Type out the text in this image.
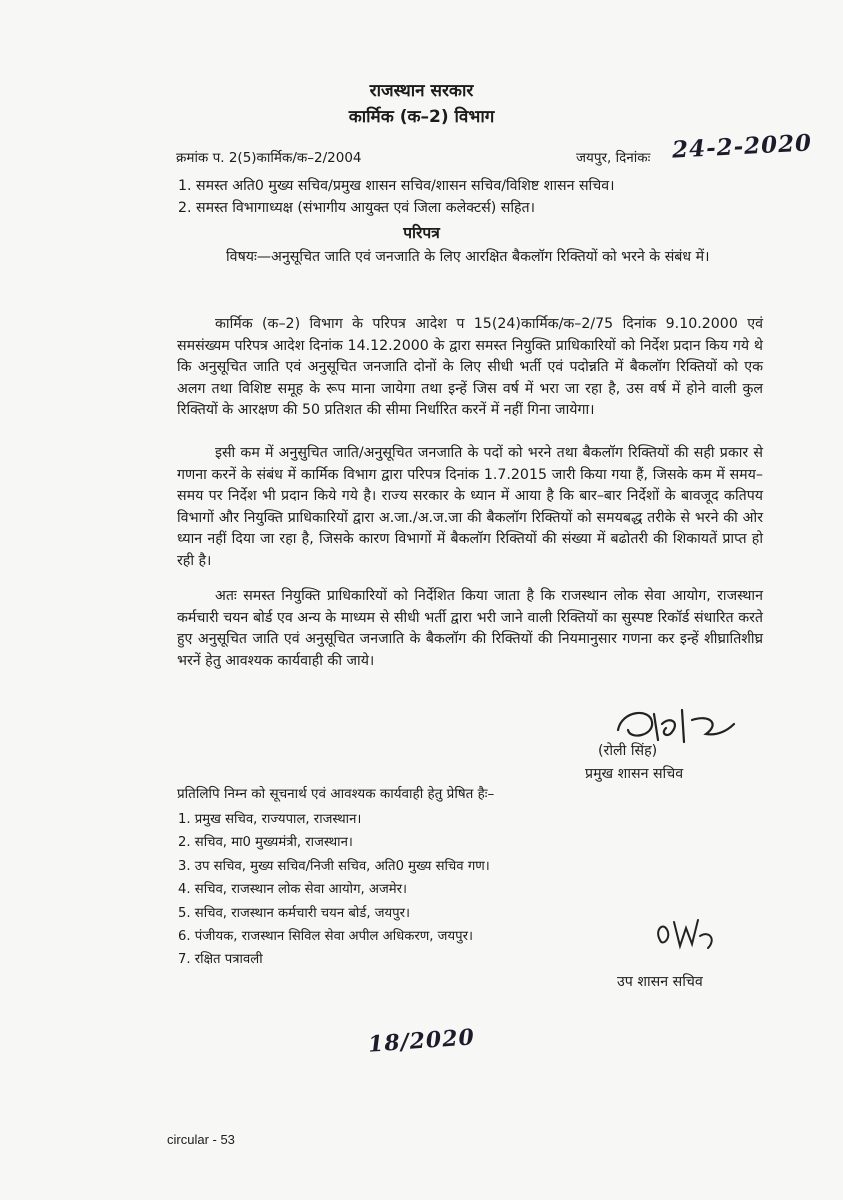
राजस्थान सरकार
कार्मिक (क–2) विभाग
क्रमांक प. 2(5)कार्मिक/क–2/2004	जयपुर, दिनांकः 24-2-2020
1. समस्त अति0 मुख्य सचिव/प्रमुख शासन सचिव/शासन सचिव/विशिष्ट शासन सचिव।
2. समस्त विभागाध्यक्ष (संभागीय आयुक्त एवं जिला कलेक्टर्स) सहित।
परिपत्र
विषयः—अनुसूचित जाति एवं जनजाति के लिए आरक्षित बैकलॉग रिक्तियों को भरने के संबंध में।
कार्मिक (क–2) विभाग के परिपत्र आदेश प 15(24)कार्मिक/क–2/75 दिनांक 9.10.2000 एवं समसंख्यम परिपत्र आदेश दिनांक 14.12.2000 के द्वारा समस्त नियुक्ति प्राधिकारियों को निर्देश प्रदान किय गये थे कि अनुसूचित जाति एवं अनुसूचित जनजाति दोनों के लिए सीधी भर्ती एवं पदोन्नति में बैकलॉग रिक्तियों को एक अलग तथा विशिष्ट समूह के रूप माना जायेगा तथा इन्हें जिस वर्ष में भरा जा रहा है, उस वर्ष में होने वाली कुल रिक्तियों के आरक्षण की 50 प्रतिशत की सीमा निर्धारित करनें में नहीं गिना जायेगा।
इसी कम में अनुसुचित जाति/अनुसूचित जनजाति के पदों को भरने तथा बैकलॉग रिक्तियों की सही प्रकार से गणना करनें के संबंध में कार्मिक विभाग द्वारा परिपत्र दिनांक 1.7.2015 जारी किया गया हैं, जिसके कम में समय–समय पर निर्देश भी प्रदान किये गये है। राज्य सरकार के ध्यान में आया है कि बार–बार निर्देशों के बावजूद कतिपय विभागों और नियुक्ति प्राधिकारियों द्वारा अ.जा./अ.ज.जा की बैकलॉग रिक्तियों को समयबद्ध तरीके से भरने की ओर ध्यान नहीं दिया जा रहा है, जिसके कारण विभागों में बैकलॉग रिक्तियों की संख्या में बढोतरी की शिकायतें प्राप्त हो रही है।
अतः समस्त नियुक्ति प्राधिकारियों को निर्देशित किया जाता है कि राजस्थान लोक सेवा आयोग, राजस्थान कर्मचारी चयन बोर्ड एव अन्य के माध्यम से सीधी भर्ती द्वारा भरी जाने वाली रिक्तियों का सुस्पष्ट रिकॉर्ड संधारित करते हुए अनुसूचित जाति एवं अनुसूचित जनजाति के बैकलॉग की रिक्तियों की नियमानुसार गणना कर इन्हें शीघ्रातिशीघ्र भरनें हेतु आवश्यक कार्यवाही की जाये।
(रोली सिंह)
प्रमुख शासन सचिव
प्रतिलिपि निम्न को सूचनार्थ एवं आवश्यक कार्यवाही हेतु प्रेषित हैः–
1. प्रमुख सचिव, राज्यपाल, राजस्थान।
2. सचिव, मा0 मुख्यमंत्री, राजस्थान।
3. उप सचिव, मुख्य सचिव/निजी सचिव, अति0 मुख्य सचिव गण।
4. सचिव, राजस्थान लोक सेवा आयोग, अजमेर।
5. सचिव, राजस्थान कर्मचारी चयन बोर्ड, जयपुर।
6. पंजीयक, राजस्थान सिविल सेवा अपील अधिकरण, जयपुर।
7. रक्षित पत्रावली
उप शासन सचिव
18/2020
circular - 53
